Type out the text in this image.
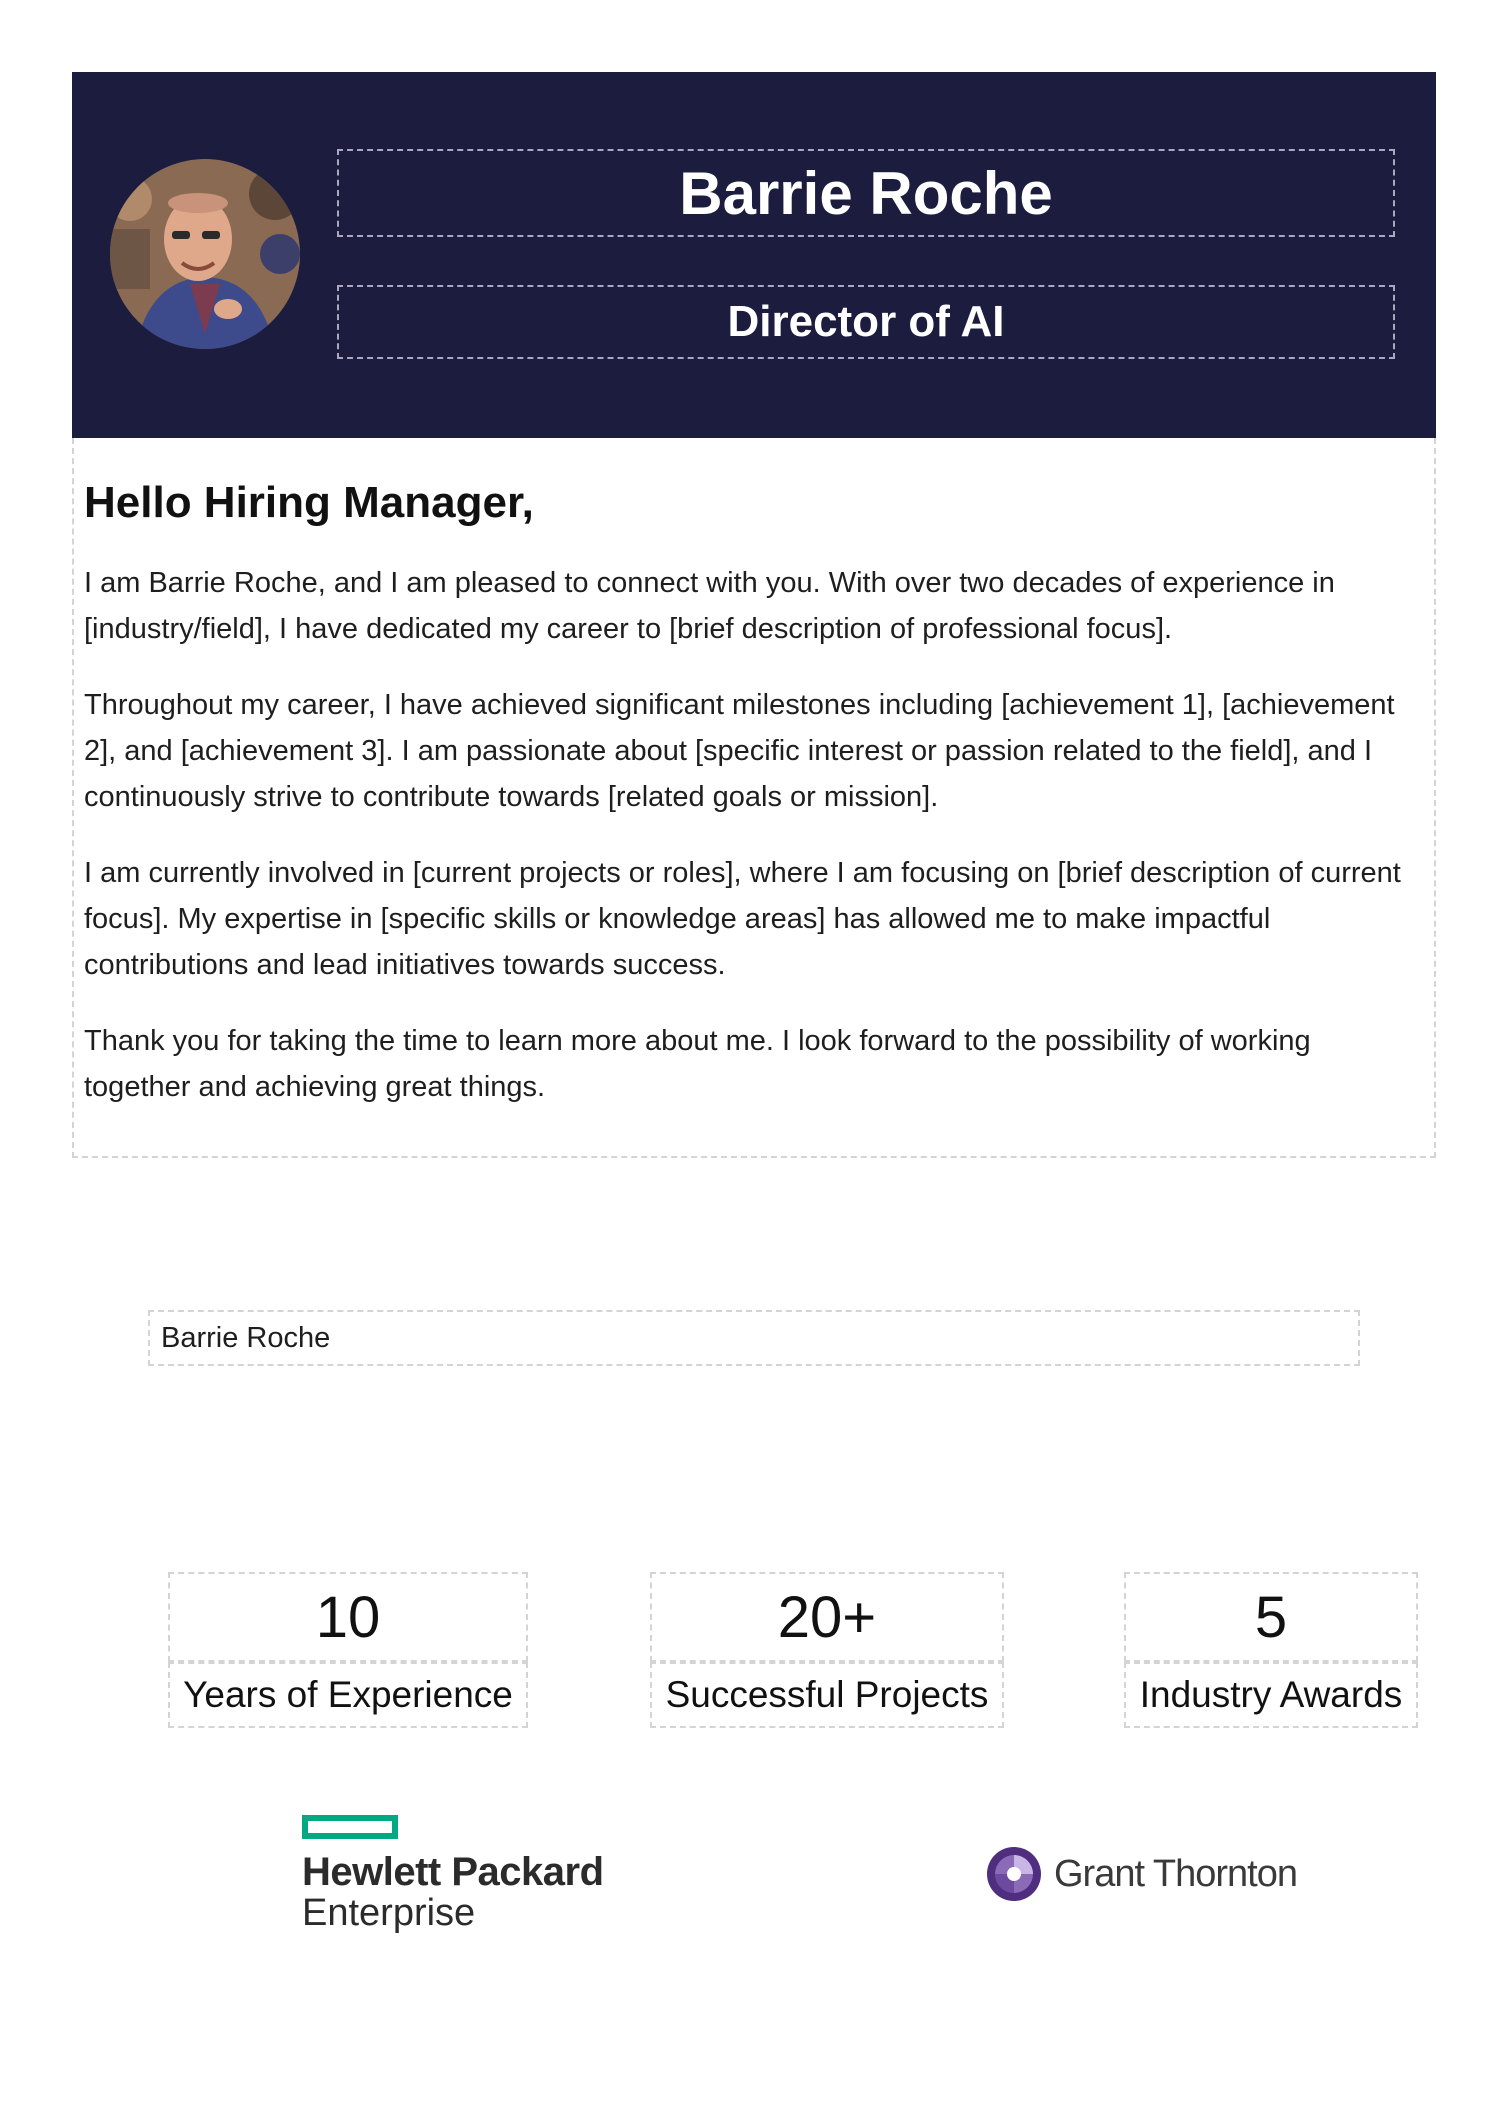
Barrie Roche
Director of AI

Hello Hiring Manager,

I am Barrie Roche, and I am pleased to connect with you. With over two decades of experience in [industry/field], I have dedicated my career to [brief description of professional focus].

Throughout my career, I have achieved significant milestones including [achievement 1], [achievement 2], and [achievement 3]. I am passionate about [specific interest or passion related to the field], and I continuously strive to contribute towards [related goals or mission].

I am currently involved in [current projects or roles], where I am focusing on [brief description of current focus]. My expertise in [specific skills or knowledge areas] has allowed me to make impactful contributions and lead initiatives towards success.

Thank you for taking the time to learn more about me. I look forward to the possibility of working together and achieving great things.

Barrie Roche
10
Years of Experience
20+
Successful Projects
5
Industry Awards
Hewlett Packard
Enterprise
Grant Thornton
